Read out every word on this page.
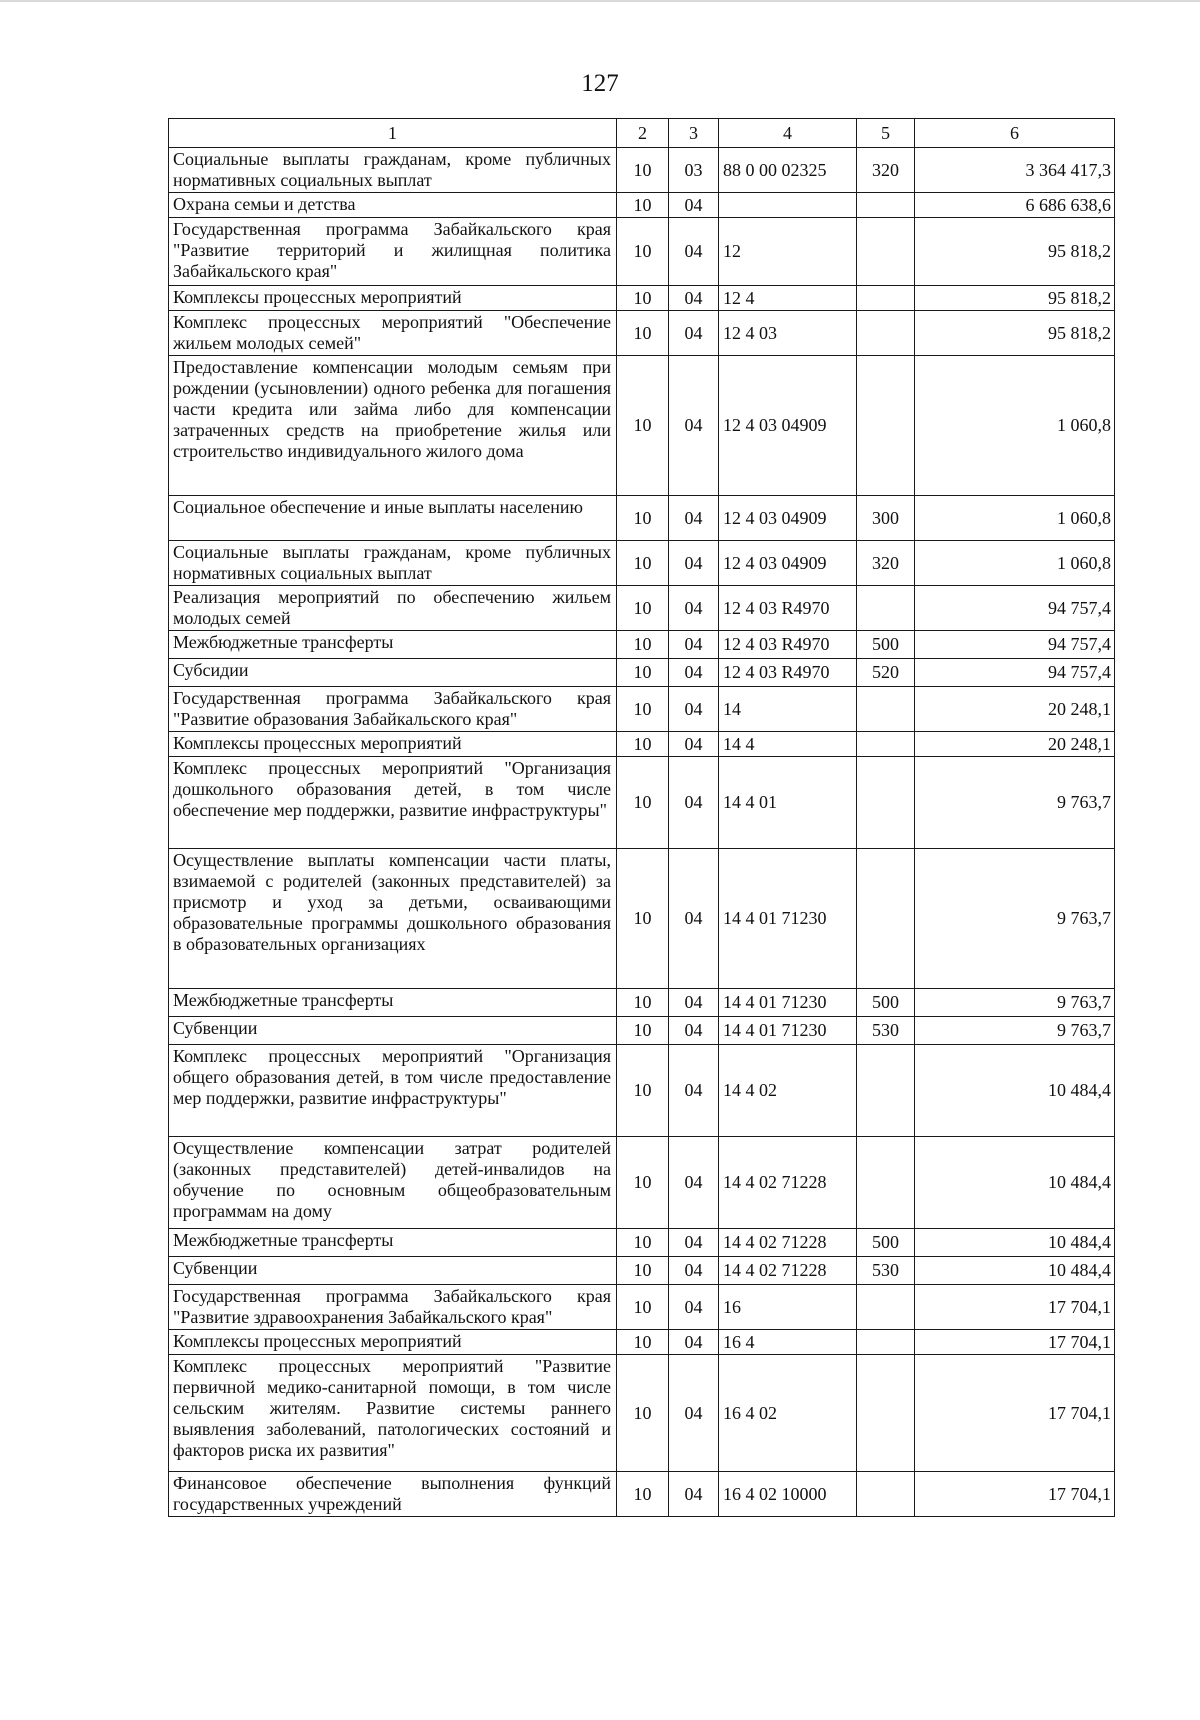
127
1	2	3	4	5	6
Социальные выплаты гражданам, кроме публичных нормативных социальных выплат	10	03	88 0 00 02325	320	3 364 417,3
Охрана семьи и детства	10	04			6 686 638,6
Государственная программа Забайкальского края "Развитие территорий и жилищная политика Забайкальского края"	10	04	12		95 818,2
Комплексы процессных мероприятий	10	04	12 4		95 818,2
Комплекс процессных мероприятий "Обеспечение жильем молодых семей"	10	04	12 4 03		95 818,2
Предоставление компенсации молодым семьям при рождении (усыновлении) одного ребенка для погашения части кредита или займа либо для компенсации затраченных средств на приобретение жилья или строительство индивидуального жилого дома	10	04	12 4 03 04909		1 060,8
Социальное обеспечение и иные выплаты населению	10	04	12 4 03 04909	300	1 060,8
Социальные выплаты гражданам, кроме публичных нормативных социальных выплат	10	04	12 4 03 04909	320	1 060,8
Реализация мероприятий по обеспечению жильем молодых семей	10	04	12 4 03 R4970		94 757,4
Межбюджетные трансферты	10	04	12 4 03 R4970	500	94 757,4
Субсидии	10	04	12 4 03 R4970	520	94 757,4
Государственная программа Забайкальского края "Развитие образования Забайкальского края"	10	04	14		20 248,1
Комплексы процессных мероприятий	10	04	14 4		20 248,1
Комплекс процессных мероприятий "Организация дошкольного образования детей, в том числе обеспечение мер поддержки, развитие инфраструктуры"	10	04	14 4 01		9 763,7
Осуществление выплаты компенсации части платы, взимаемой с родителей (законных представителей) за присмотр и уход за детьми, осваивающими образовательные программы дошкольного образования в образовательных организациях	10	04	14 4 01 71230		9 763,7
Межбюджетные трансферты	10	04	14 4 01 71230	500	9 763,7
Субвенции	10	04	14 4 01 71230	530	9 763,7
Комплекс процессных мероприятий "Организация общего образования детей, в том числе предоставление мер поддержки, развитие инфраструктуры"	10	04	14 4 02		10 484,4
Осуществление компенсации затрат родителей (законных представителей) детей-инвалидов на обучение по основным общеобразовательным программам на дому	10	04	14 4 02 71228		10 484,4
Межбюджетные трансферты	10	04	14 4 02 71228	500	10 484,4
Субвенции	10	04	14 4 02 71228	530	10 484,4
Государственная программа Забайкальского края "Развитие здравоохранения Забайкальского края"	10	04	16		17 704,1
Комплексы процессных мероприятий	10	04	16 4		17 704,1
Комплекс процессных мероприятий "Развитие первичной медико-санитарной помощи, в том числе сельским жителям. Развитие системы раннего выявления заболеваний, патологических состояний и факторов риска их развития"	10	04	16 4 02		17 704,1
Финансовое обеспечение выполнения функций государственных учреждений	10	04	16 4 02 10000		17 704,1
